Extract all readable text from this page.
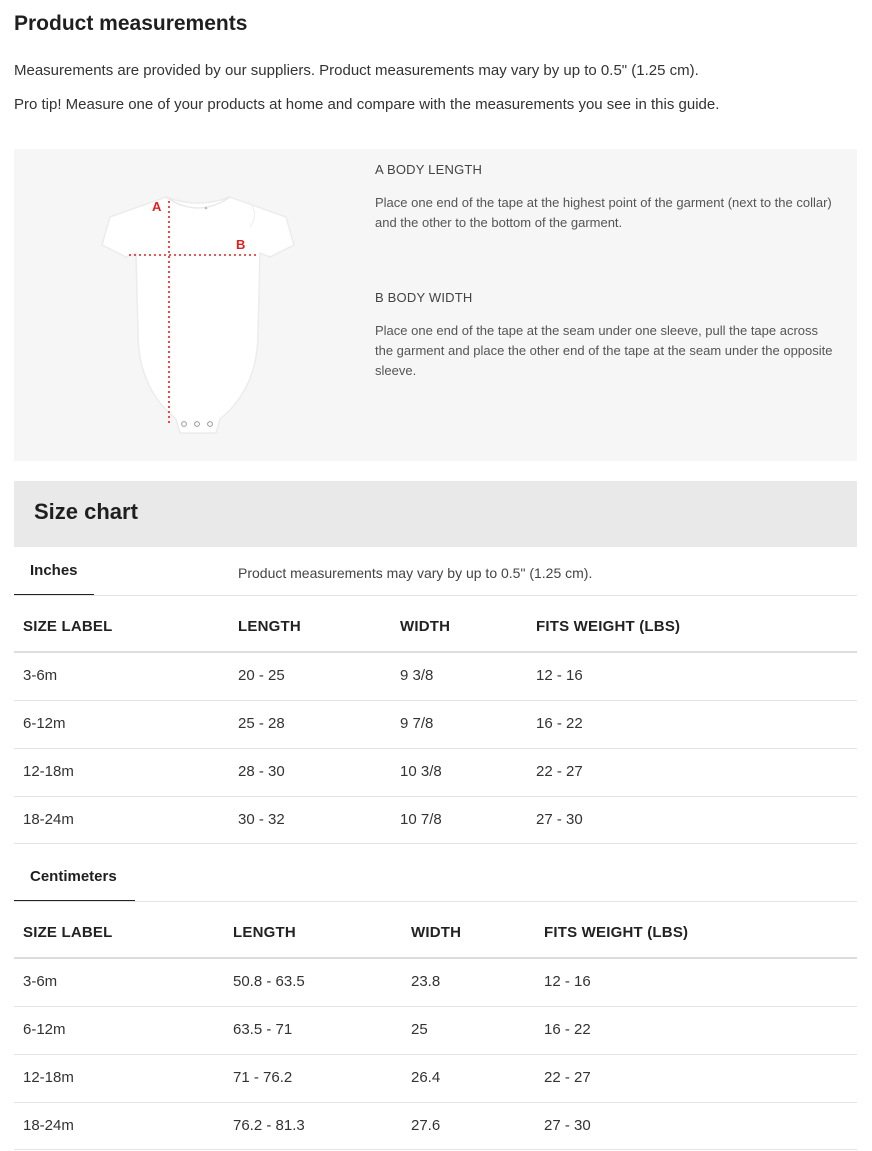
Product measurements

Measurements are provided by our suppliers. Product measurements may vary by up to 0.5" (1.25 cm).

Pro tip! Measure one of your products at home and compare with the measurements you see in this guide.

A
B

A BODY LENGTH

Place one end of the tape at the highest point of the garment (next to the collar) and the other to the bottom of the garment.

B BODY WIDTH

Place one end of the tape at the seam under one sleeve, pull the tape across the garment and place the other end of the tape at the seam under the opposite sleeve.

Size chart
Inches	Product measurements may vary by up to 0.5" (1.25 cm).
SIZE LABEL	LENGTH	WIDTH	FITS WEIGHT (LBS)
3-6m	20 - 25	9 3/8	12 - 16
6-12m	25 - 28	9 7/8	16 - 22
12-18m	28 - 30	10 3/8	22 - 27
18-24m	30 - 32	10 7/8	27 - 30
Centimeters
SIZE LABEL	LENGTH	WIDTH	FITS WEIGHT (LBS)
3-6m	50.8 - 63.5	23.8	12 - 16
6-12m	63.5 - 71	25	16 - 22
12-18m	71 - 76.2	26.4	22 - 27
18-24m	76.2 - 81.3	27.6	27 - 30
